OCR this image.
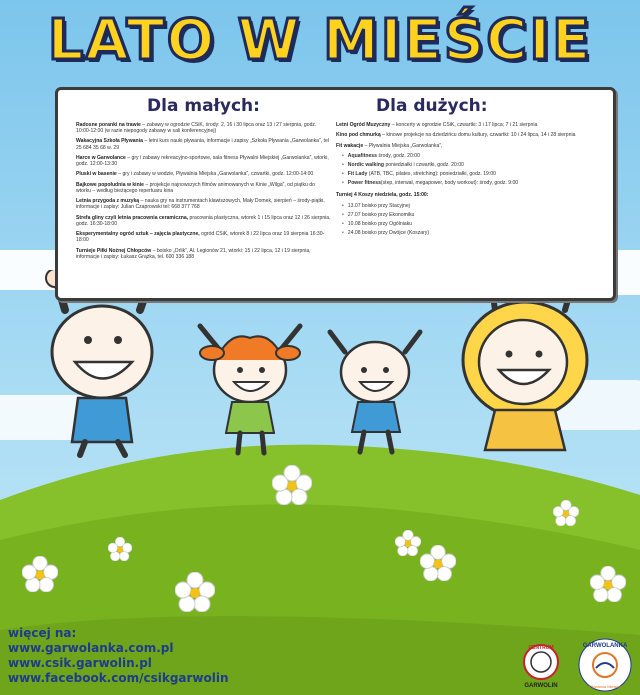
LATO W MIEŚCIE
Dla małych:
Radosne poranki na trawie – zabawy w ogrodzie CSiK, środy: 2, 16 i 30 lipca oraz 13 i 27 sierpnia, godz. 10:00-12:00 (w razie niepogody zabawy w sali konferencyjnej)
Wakacyjna Szkoła Pływania – letni kurs nauki pływania, informacje i zapisy „Szkoła Pływania „Garwolanka”, tel 25 684 35 68 w. 29
Harce w Garwolance – gry i zabawy rekreacyjno-sportowe, sala fitness Pływalni Miejskiej „Garwolanka”, wtorki, godz. 12:00-13:30
Pluski w basenie – gry i zabawy w wodzie, Pływalnia Miejska „Garwolanka”, czwartki, godz. 12:00-14:00
Bajkowe popołudnia w kinie – projekcje najnowszych filmów animowanych w Kinie „Wilga”, od piątku do wtorku – według bieżącego repertuaru kina
Letnia przygoda z muzyką – nauka gry na instrumentach klawiszowych, Mały Domek, sierpień – środy-piątki, informacje i zapisy: Julian Czaprowski tel: 668 377 768
Strefa gliny czyli letnia pracownia ceramiczna, pracownia plastyczna, wtorek 1 i 15 lipca oraz 12 i 26 sierpnia, godz. 16:30-18:00
Eksperymentalny ogród sztuk – zajęcia plastyczne, ogród CSiK, wtorek 8 i 22 lipca oraz 19 sierpnia 16:30-18:00
Turnieje Piłki Nożnej Chłopców – boisko „Orlik”, Al. Legionów 21, wtorki: 15 i 22 lipca, 12 i 19 sierpnia, informacje i zapisy: Łukasz Grążka, tel. 600 336 188
Dla dużych:
Letni Ogród Muzyczny – koncerty w ogrodzie CSiK, czwartki: 3 i 17 lipca; 7 i 21 sierpnia
Kino pod chmurką – kinowe projekcje na dziedzińcu domu kultury, czwartki: 10 i 24 lipca, 14 i 28 sierpnia
Fit wakacje – Pływalnia Miejska „Garwolanka”,
• Aquafitness środy, godz. 20:00
• Nordic walking poniedziałki i czwartki, godz. 20:00
• Fit Lady (ATB, TBC, pilates, stretching): poniedziałki, godz. 19:00
• Power fitness(step, interwał, megapower, body workout): środy, godz. 9:00
Turniej 4 Koszy niedziela, godz. 15:00:
• 13.07 boisko przy Stacyjnej
• 27.07 boisko przy Ekonomiku
• 10.08 boisko przy Ogólniaku
• 24.08 boisko przy Dwójce (Koszary)
więcej na:
www.garwolanka.com.pl
www.csik.garwolin.pl
www.facebook.com/csikgarwolin
CENTRUM
GARWOLIN
GARWOLANKA
Pływalnia Miejska
